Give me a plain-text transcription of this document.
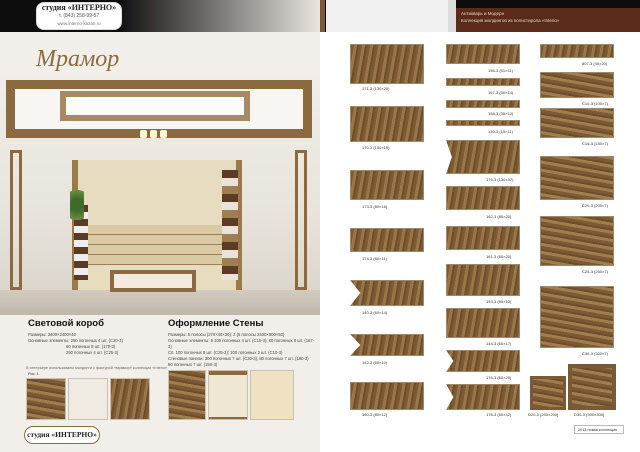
студия «ИНТЕРНО»
т. (843) 258-99-57
www.interno-kazan.ru
Антикварь и Модерн
Коллекция молдингов из полистирола «Interio»
Мрамор
Световой короб
Размеры: 3400×2400×40
Основные элементы: 250 погонных 4 шт. (C20-3)
60 погонных 8 шт. (170-3)
250 погонных 4 шт. (C25-3)
Оформление Стены
Размеры: 5 полосы (270×40×30); 2 (5 полосы 2400×900×50)
Основные элементы: 5 100 погонных 4 шт. (C10-3); 80 погонных 8 шт. (167-3)
Сп. 100 погонных 8 шт. (C25-3); 100 погонных 2 шт. (C10-3)
Стеновые панели: 300 погонных 7 шт. (C30-3); 80 погонных 7 шт. (180-3)
90 погонных 7 шт. (150-3)
В интерьере использованы молдинги с фактурой «мрамор» коллекции «Interio»
Рис. 1
студия «ИНТЕРНО»
171-3 (130×20)
170-3 (100×19)
173-3 (80×16)
174-3 (60×11)
140-3 (60×14)
142-3 (60×10)
160-3 (80×12)
156-3 (51×11)
157-3 (50×14)
158-3 (35×10)
130-3 (15×11)
179-3 (130×37)
162-3 (80×20)
161-3 (60×20)
153-3 (95×10)
144-3 (60×17)
176-3 (60×29)
178-3 (60×42)
807-3 (40×20)
C10-3 (100×7)
C15-3 (150×7)
C20-3 (200×7)
C25-3 (250×7)
C30-3 (300×7)
D20-3 (200×200)	D30-3 (300×300)
2013 новая коллекция
